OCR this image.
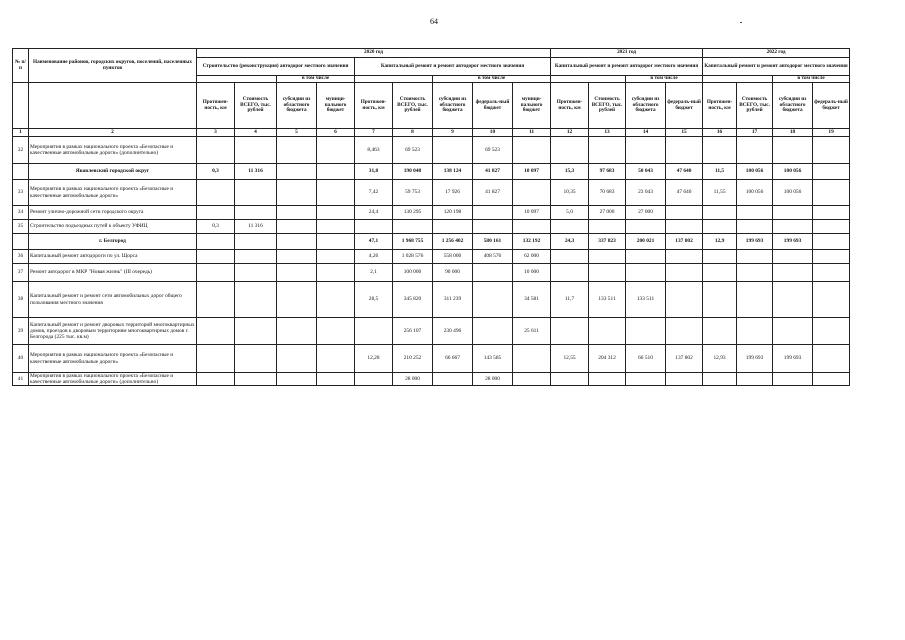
64
№ п/п	Наименование районов, городских округов, поселений, населенных пунктов	2020 год									2021 год				2022 год			
		Строительство (реконструкция) автодорог местного значения				Капитальный ремонт и ремонт автодорог местного значения					Капитальный ремонт и ремонт автодорог местного значения				Капитальный ремонт и ремонт автодорог местного значения			
				в том числе				в том числе					в том числе				в том числе	
		Протяжен-ность, км	Стоимость ВСЕГО, тыс. рублей	субсидии из областного бюджета	муници-пального бюджет	Протяжен-ность, км	Стоимость ВСЕГО, тыс. рублей	субсидии из областного бюджета	федераль-ный бюджет	муници-пального бюджет	Протяжен-ность, км	Стоимость ВСЕГО, тыс. рублей	субсидии из областного бюджета	федераль-ный бюджет	Протяжен-ность, км	Стоимость ВСЕГО, тыс. рублей	субсидии из областного бюджета	федераль-ный бюджет
1	2	3	4	5	6	7	8	9	10	11	12	13	14	15	16	17	18	19
32	Мероприятия в рамках национального проекта «Безопасные и качественные автомобильные дороги» (дополнительно)					8,463	69 523		69 523									
	Яковлевский городской округ	0,3	11 316			31,8	190 048	138 124	41 827	10 097	15,3	97 683	50 043	47 640	11,5	100 056	100 056	
33	Мероприятия в рамках национального проекта «Безопасные и качественные автомобильные дороги»					7,42	59 753	17 926	41 827		10,35	70 683	23 043	47 640	11,55	100 056	100 056	
34	Ремонт улично-дорожной сети городского округа					24,4	130 295	120 198		10 097	5,0	27 000	27 000					
35	Строительство подъездных путей к объекту УФИЦ	0,3	11 316															
	г. Белгород					47,1	1 968 755	1 256 402	580 161	132 192	24,3	337 823	200 021	137 802	12,9	199 693	199 693	
36	Капитальный ремонт автодороги по ул. Щорса					4,26	1 028 576	558 000	408 576	62 000								
37	Ремонт автодорог в МКР "Новая жизнь" (III очередь)					2,1	100 000	90 000		10 000								
38	Капитальный ремонт и ремонт сети автомобильных дорог общего пользования местного значения					28,5	345 820	311 239		34 581	11,7	133 511	133 511					
39	Капитальный ремонт и ремонт дворовых территорий многоквартирных домов, проездов к дворовым территориям многоквартирных домов г. Белгорода (225 тыс. кв.м)						256 107	230 496		25 611								
40	Мероприятия в рамках национального проекта «Безопасные и качественные автомобильные дороги»					12,28	210 252	66 667	143 585		12,55	204 312	66 510	137 802	12,93	199 693	199 693	
41	Мероприятия в рамках национального проекта «Безопасные и качественные автомобильные дороги» (дополнительно)						28 000		28 000									
